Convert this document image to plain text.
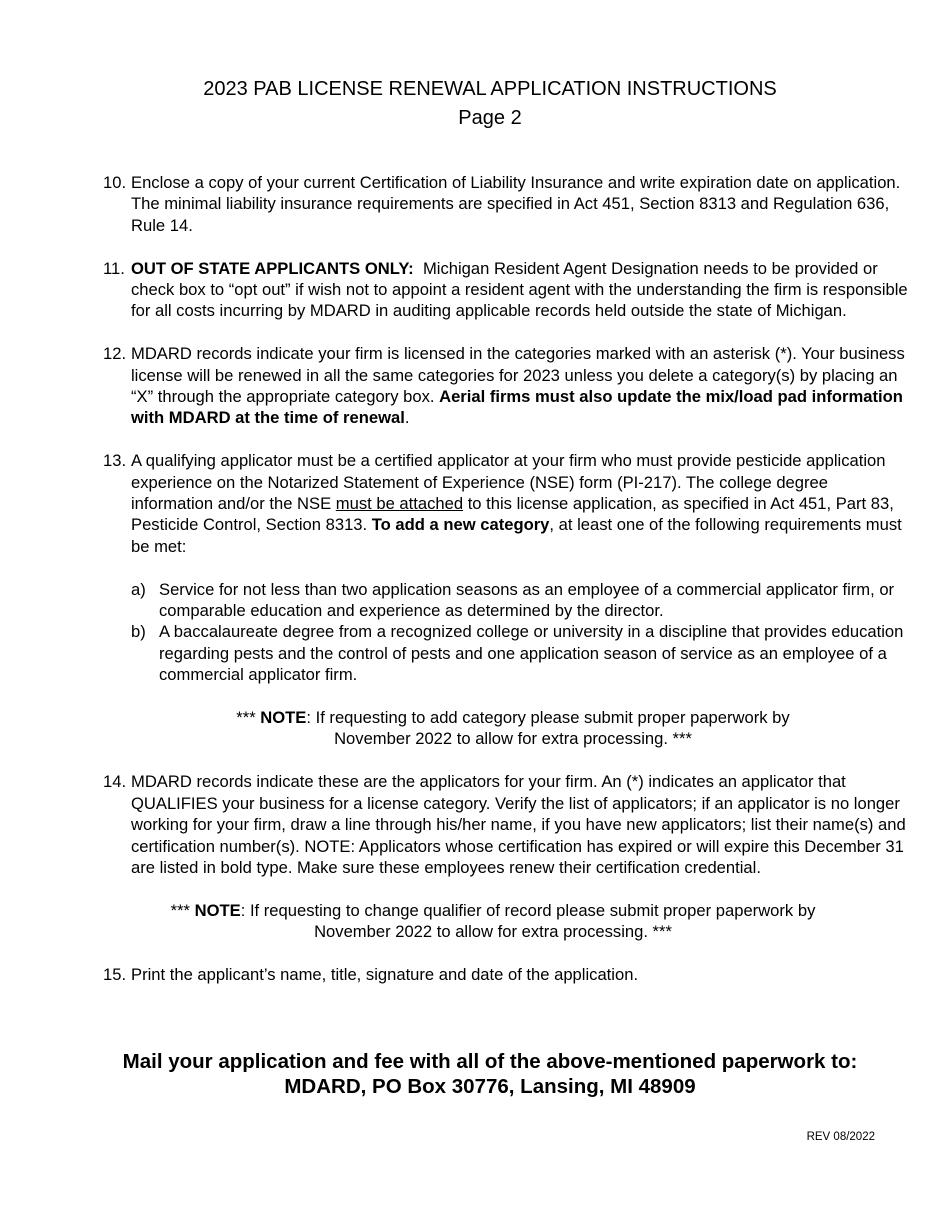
2023 PAB LICENSE RENEWAL APPLICATION INSTRUCTIONS
Page 2
10. Enclose a copy of your current Certification of Liability Insurance and write expiration date on application. The minimal liability insurance requirements are specified in Act 451, Section 8313 and Regulation 636, Rule 14.
11. OUT OF STATE APPLICANTS ONLY:  Michigan Resident Agent Designation needs to be provided or check box to “opt out” if wish not to appoint a resident agent with the understanding the firm is responsible for all costs incurring by MDARD in auditing applicable records held outside the state of Michigan.
12. MDARD records indicate your firm is licensed in the categories marked with an asterisk (*). Your business license will be renewed in all the same categories for 2023 unless you delete a category(s) by placing an “X” through the appropriate category box. Aerial firms must also update the mix/load pad information with MDARD at the time of renewal.
13. A qualifying applicator must be a certified applicator at your firm who must provide pesticide application experience on the Notarized Statement of Experience (NSE) form (PI-217). The college degree information and/or the NSE must be attached to this license application, as specified in Act 451, Part 83, Pesticide Control, Section 8313. To add a new category, at least one of the following requirements must be met:
a) Service for not less than two application seasons as an employee of a commercial applicator firm, or comparable education and experience as determined by the director.
b) A baccalaureate degree from a recognized college or university in a discipline that provides education regarding pests and the control of pests and one application season of service as an employee of a commercial applicator firm.
*** NOTE: If requesting to add category please submit proper paperwork by
November 2022 to allow for extra processing. ***
14. MDARD records indicate these are the applicators for your firm. An (*) indicates an applicator that QUALIFIES your business for a license category. Verify the list of applicators; if an applicator is no longer working for your firm, draw a line through his/her name, if you have new applicators; list their name(s) and certification number(s). NOTE: Applicators whose certification has expired or will expire this December 31 are listed in bold type. Make sure these employees renew their certification credential.
*** NOTE: If requesting to change qualifier of record please submit proper paperwork by
November 2022 to allow for extra processing. ***
15. Print the applicant’s name, title, signature and date of the application.
Mail your application and fee with all of the above-mentioned paperwork to:
MDARD, PO Box 30776, Lansing, MI 48909
REV 08/2022
